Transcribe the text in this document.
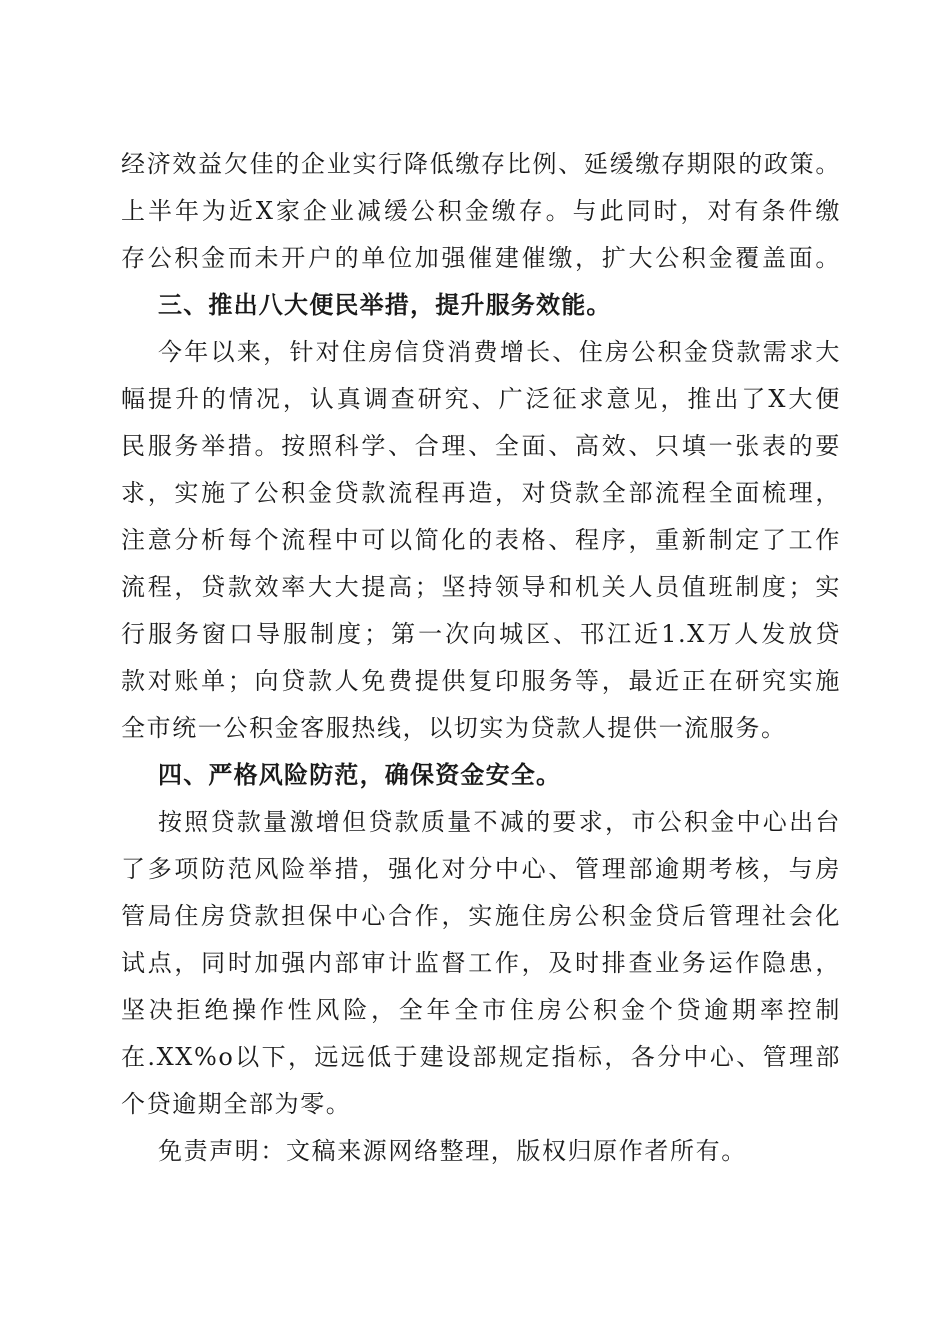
经济效益欠佳的企业实行降低缴存比例、延缓缴存期限的政策。
上半年为近X家企业减缓公积金缴存。与此同时，对有条件缴
存公积金而未开户的单位加强催建催缴，扩大公积金覆盖面。
三、推出八大便民举措，提升服务效能。
今年以来，针对住房信贷消费增长、住房公积金贷款需求大
幅提升的情况，认真调查研究、广泛征求意见，推出了X大便
民服务举措。按照科学、合理、全面、高效、只填一张表的要
求，实施了公积金贷款流程再造，对贷款全部流程全面梳理，
注意分析每个流程中可以简化的表格、程序，重新制定了工作
流程，贷款效率大大提高；坚持领导和机关人员值班制度；实
行服务窗口导服制度；第一次向城区、邗江近1.X万人发放贷
款对账单；向贷款人免费提供复印服务等，最近正在研究实施
全市统一公积金客服热线，以切实为贷款人提供一流服务。
四、严格风险防范，确保资金安全。
按照贷款量激增但贷款质量不减的要求，市公积金中心出台
了多项防范风险举措，强化对分中心、管理部逾期考核，与房
管局住房贷款担保中心合作，实施住房公积金贷后管理社会化
试点，同时加强内部审计监督工作，及时排查业务运作隐患，
坚决拒绝操作性风险，全年全市住房公积金个贷逾期率控制
在.XX%o以下，远远低于建设部规定指标，各分中心、管理部
个贷逾期全部为零。
免责声明：文稿来源网络整理，版权归原作者所有。
